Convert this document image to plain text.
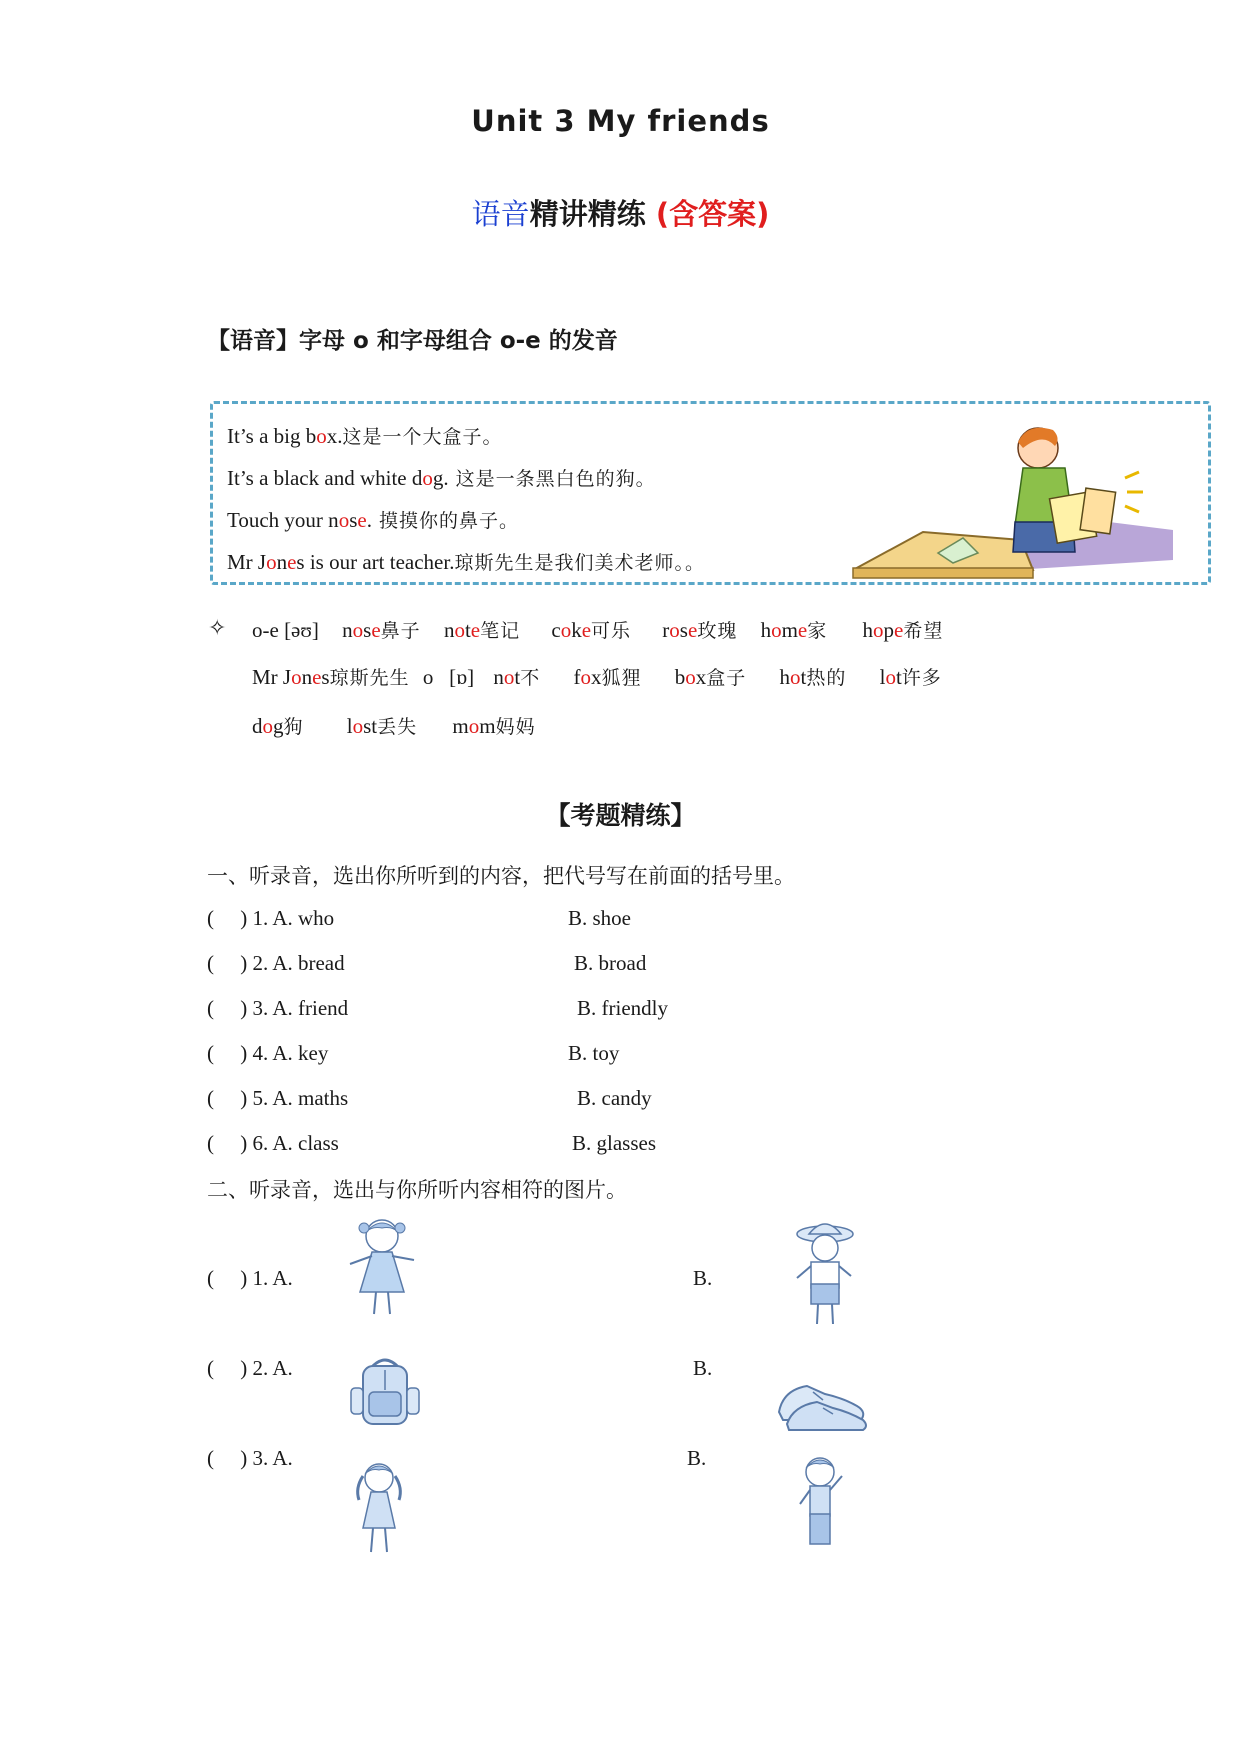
Unit 3 My friends
语音精讲精练 (含答案)
【语音】字母 o 和字母组合 o-e 的发音
It’s a big box.这是一个大盒子。
It’s a black and white dog. 这是一条黑白色的狗。
Touch your nose. 摸摸你的鼻子。
Mr Jones is our art teacher.琼斯先生是我们美术老师。。
✧ o-e [əʊ] nose鼻子 note笔记 coke可乐 rose玫瑰 home家 hope希望
Mr Jones琼斯先生 o   [ɒ] not不 fox狐狸 box盒子 hot热的 lot许多
dog狗 lost丢失 mom妈妈
【考题精练】
一、听录音，选出你所听到的内容，把代号写在前面的括号里。
(     ) 1. A. who	B. shoe
(     ) 2. A. bread	B. broad
(     ) 3. A. friend	B. friendly
(     ) 4. A. key	B. toy
(     ) 5. A. maths	B. candy
(     ) 6. A. class	B. glasses
二、听录音，选出与你所听内容相符的图片。
(     ) 1. A.	B.
(     ) 2. A.	B.
(     ) 3. A.	B.
